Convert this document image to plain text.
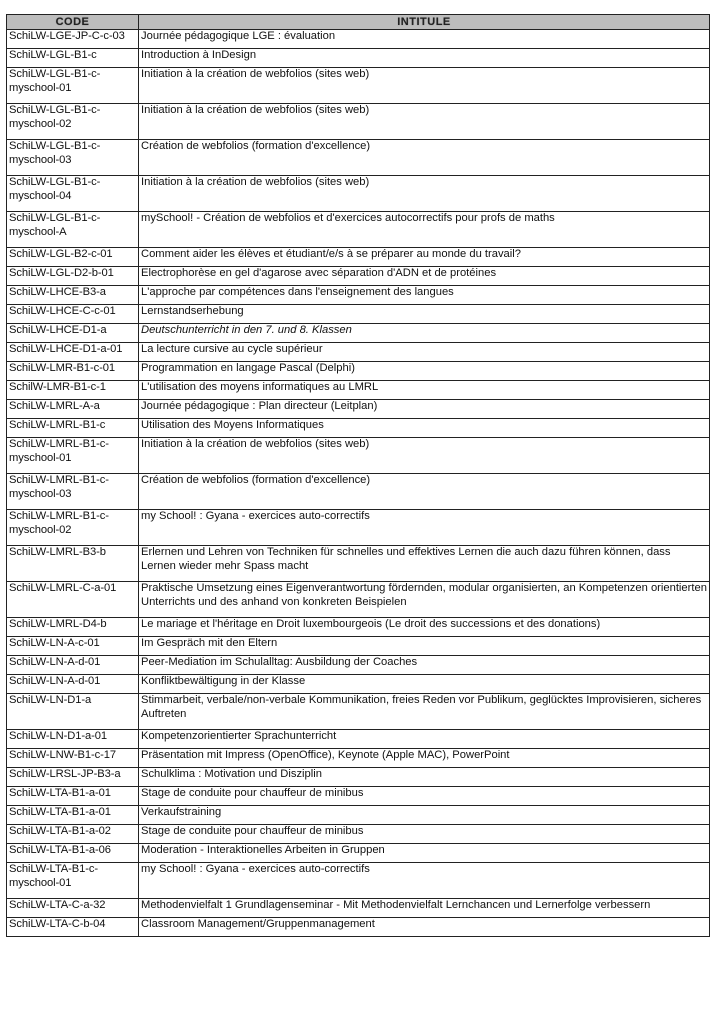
CODE	INTITULE
SchiLW-LGE-JP-C-c-03	Journée pédagogique LGE : évaluation
SchiLW-LGL-B1-c	Introduction à InDesign
SchiLW-LGL-B1-c-myschool-01	Initiation à la création de webfolios (sites web)
SchiLW-LGL-B1-c-myschool-02	Initiation à la création de webfolios (sites web)
SchiLW-LGL-B1-c-myschool-03	Création de webfolios (formation d'excellence)
SchiLW-LGL-B1-c-myschool-04	Initiation à la création de webfolios (sites web)
SchiLW-LGL-B1-c-myschool-A	mySchool! - Création de webfolios et d'exercices autocorrectifs pour profs de maths
SchiLW-LGL-B2-c-01	Comment aider les élèves et étudiant/e/s à se préparer au monde du travail?
SchiLW-LGL-D2-b-01	Electrophorèse en gel d'agarose avec séparation d'ADN et de protéines
SchiLW-LHCE-B3-a	L'approche par compétences dans l'enseignement des langues
SchiLW-LHCE-C-c-01	Lernstandserhebung
SchiLW-LHCE-D1-a	Deutschunterricht in den 7. und 8. Klassen
SchiLW-LHCE-D1-a-01	La lecture cursive au cycle supérieur
SchiLW-LMR-B1-c-01	Programmation en langage Pascal (Delphi)
SchilW-LMR-B1-c-1	L'utilisation des moyens informatiques au LMRL
SchiLW-LMRL-A-a	Journée pédagogique : Plan directeur (Leitplan)
SchiLW-LMRL-B1-c	Utilisation des Moyens Informatiques
SchiLW-LMRL-B1-c-myschool-01	Initiation à la création de webfolios (sites web)
SchiLW-LMRL-B1-c-myschool-03	Création de webfolios (formation d'excellence)
SchiLW-LMRL-B1-c-myschool-02	my School! : Gyana - exercices auto-correctifs
SchiLW-LMRL-B3-b	Erlernen und Lehren von Techniken für schnelles und effektives Lernen die auch dazu führen können, dass Lernen wieder mehr Spass macht
SchiLW-LMRL-C-a-01	Praktische Umsetzung eines Eigenverantwortung fördernden, modular organisierten, an Kompetenzen orientierten Unterrichts und des anhand von konkreten Beispielen
SchiLW-LMRL-D4-b	Le mariage et l'héritage en Droit luxembourgeois (Le droit des successions et des donations)
SchiLW-LN-A-c-01	Im Gespräch mit den Eltern
SchiLW-LN-A-d-01	Peer-Mediation im Schulalltag: Ausbildung der Coaches
SchiLW-LN-A-d-01	Konfliktbewältigung in der Klasse
SchiLW-LN-D1-a	Stimmarbeit, verbale/non-verbale Kommunikation, freies Reden vor Publikum, geglücktes Improvisieren, sicheres Auftreten
SchiLW-LN-D1-a-01	Kompetenzorientierter Sprachunterricht
SchiLW-LNW-B1-c-17	Präsentation mit Impress (OpenOffice), Keynote (Apple MAC), PowerPoint
SchiLW-LRSL-JP-B3-a	Schulklima : Motivation und Disziplin
SchiLW-LTA-B1-a-01	Stage de conduite pour chauffeur de minibus
SchiLW-LTA-B1-a-01	Verkaufstraining
SchiLW-LTA-B1-a-02	Stage de conduite pour chauffeur de minibus
SchiLW-LTA-B1-a-06	Moderation - Interaktionelles Arbeiten in Gruppen
SchiLW-LTA-B1-c-myschool-01	my School! : Gyana - exercices auto-correctifs
SchiLW-LTA-C-a-32	Methodenvielfalt 1 Grundlagenseminar - Mit Methodenvielfalt Lernchancen und Lernerfolge verbessern
SchiLW-LTA-C-b-04	Classroom Management/Gruppenmanagement
